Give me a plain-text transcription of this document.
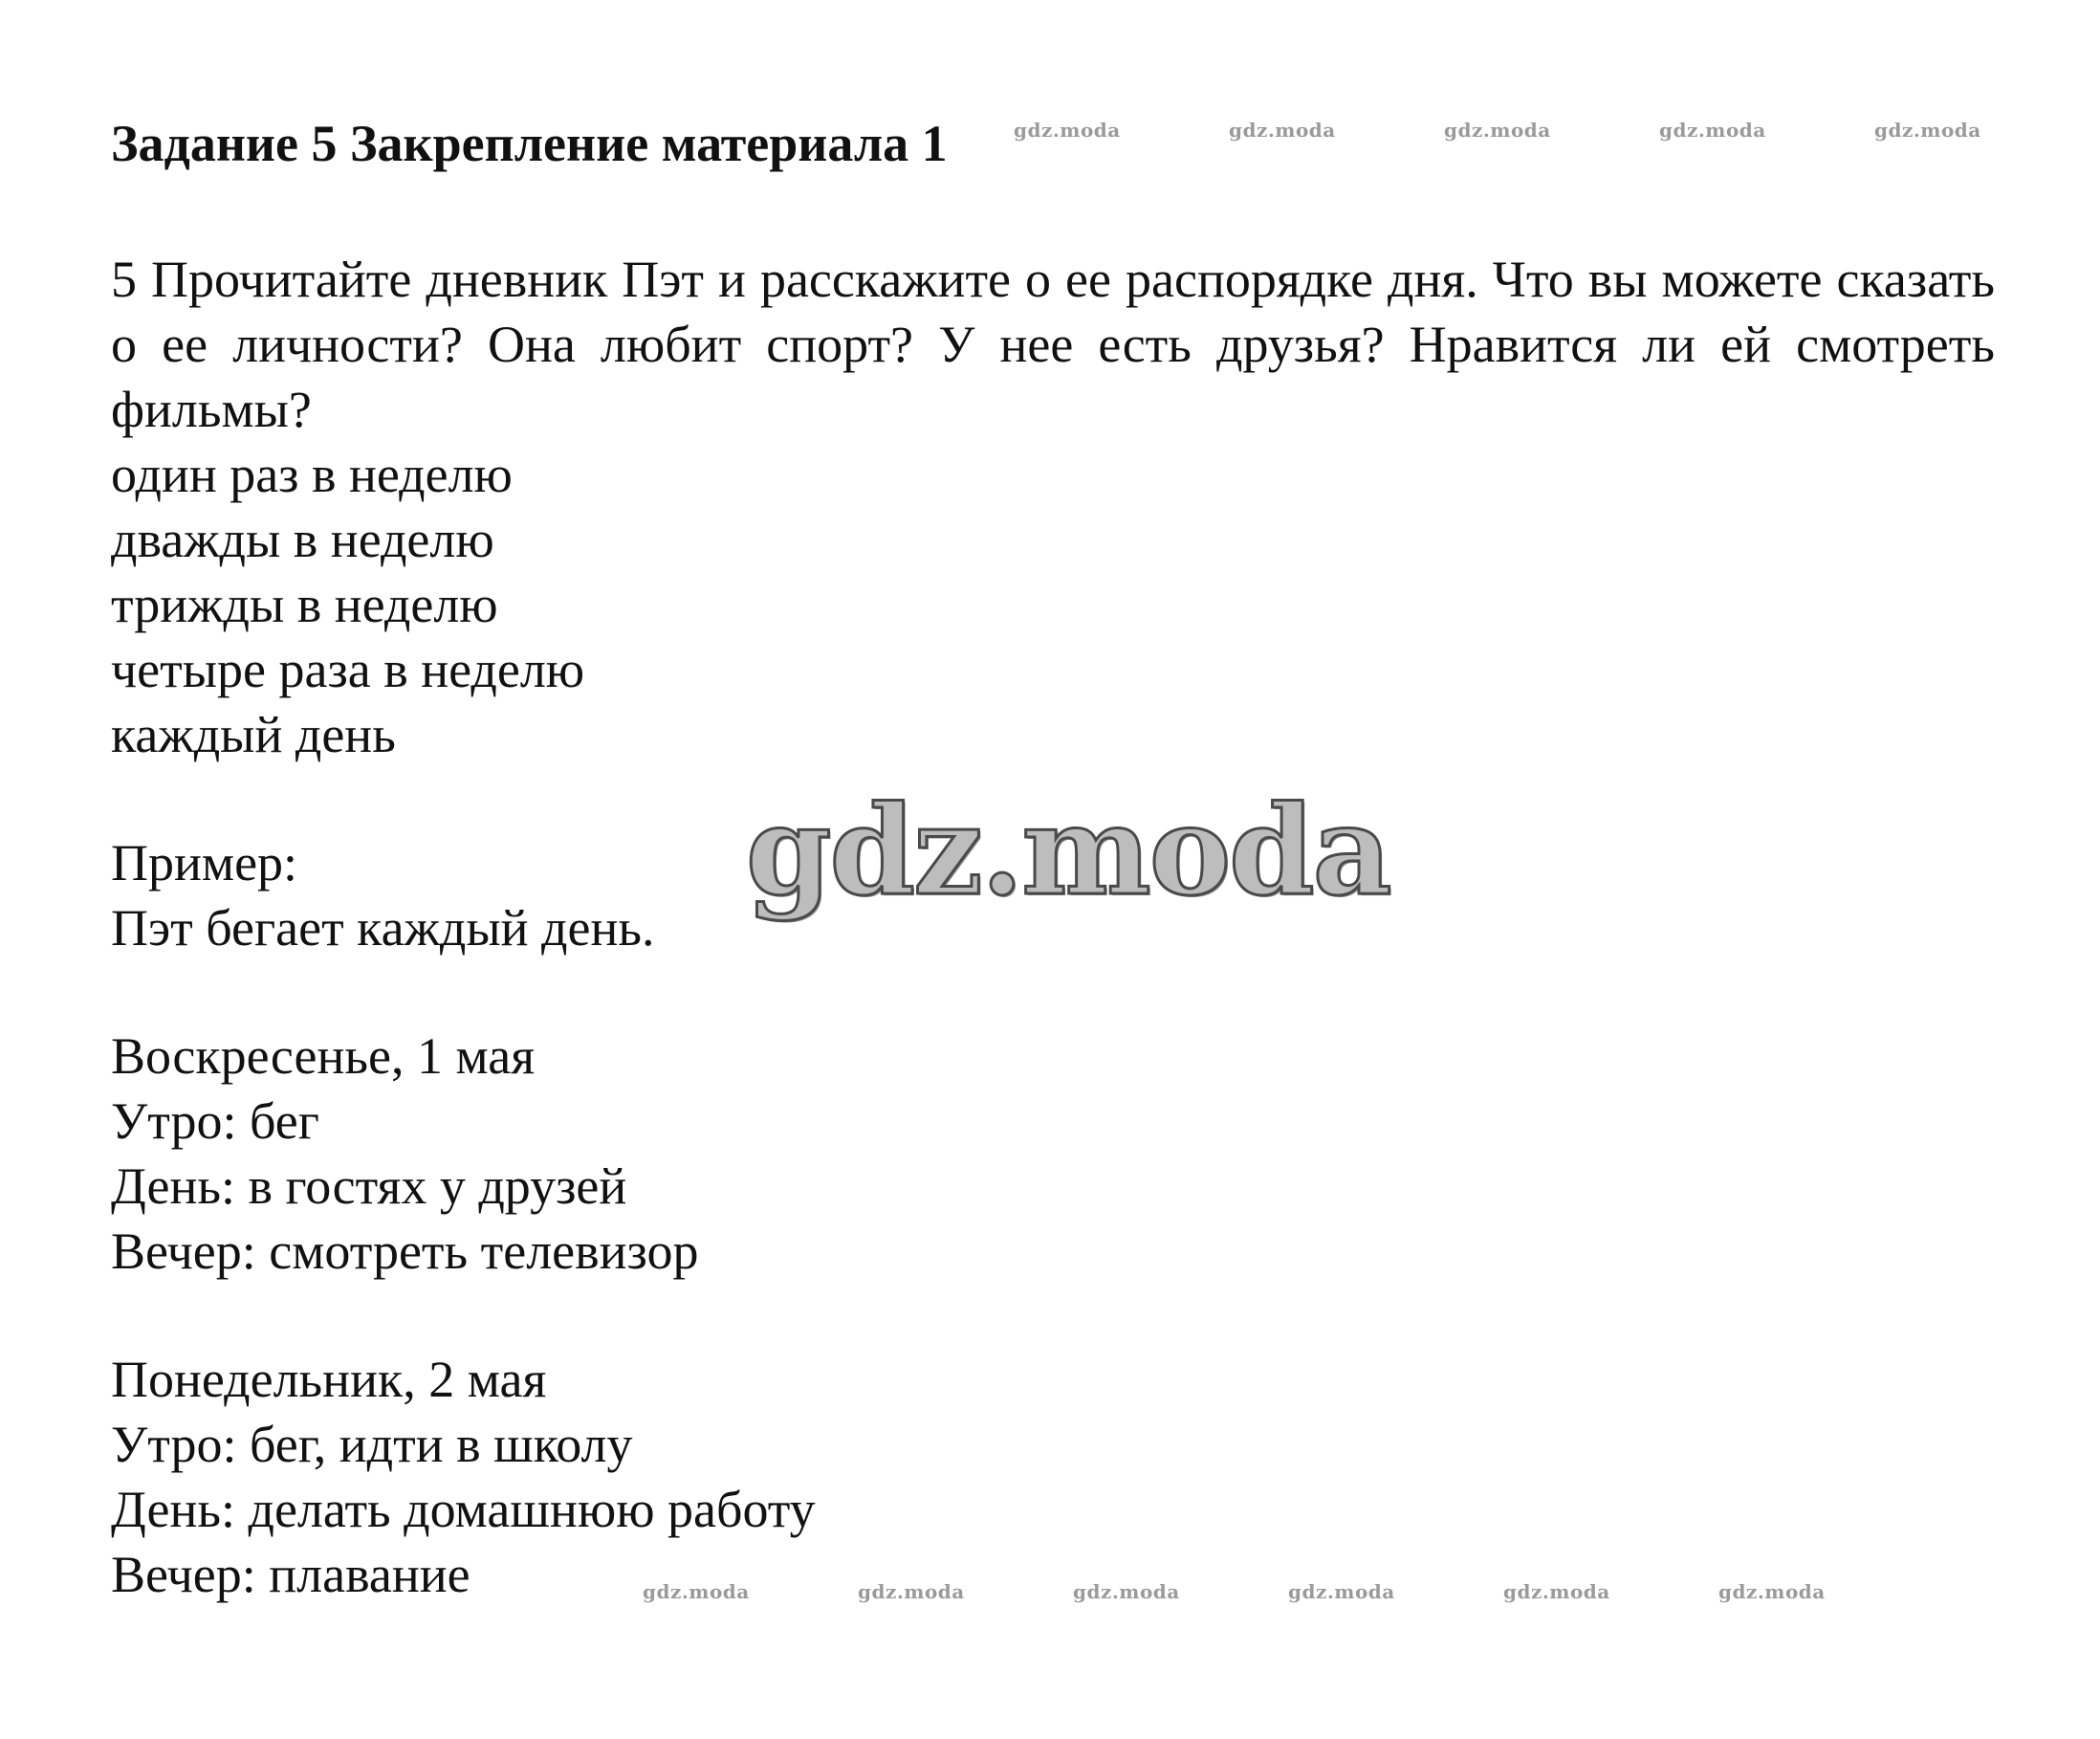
Задание 5 Закрепление материала 1	gdz.moda	gdz.moda	gdz.moda	gdz.moda	gdz.moda
5 Прочитайте дневник Пэт и расскажите о ее распорядке дня. Что вы можете сказать о ее личности? Она любит спорт? У нее есть друзья? Нравится ли ей смотреть фильмы?
один раз в неделю
дважды в неделю
трижды в неделю
четыре раза в неделю
каждый день
Пример:
Пэт бегает каждый день.
Воскресенье, 1 мая
Утро: бег
День: в гостях у друзей
Вечер: смотреть телевизор
Понедельник, 2 мая
Утро: бег, идти в школу
День: делать домашнюю работу
Вечер: плавание
gdz.moda
gdz.moda	gdz.moda	gdz.moda	gdz.moda	gdz.moda	gdz.moda
